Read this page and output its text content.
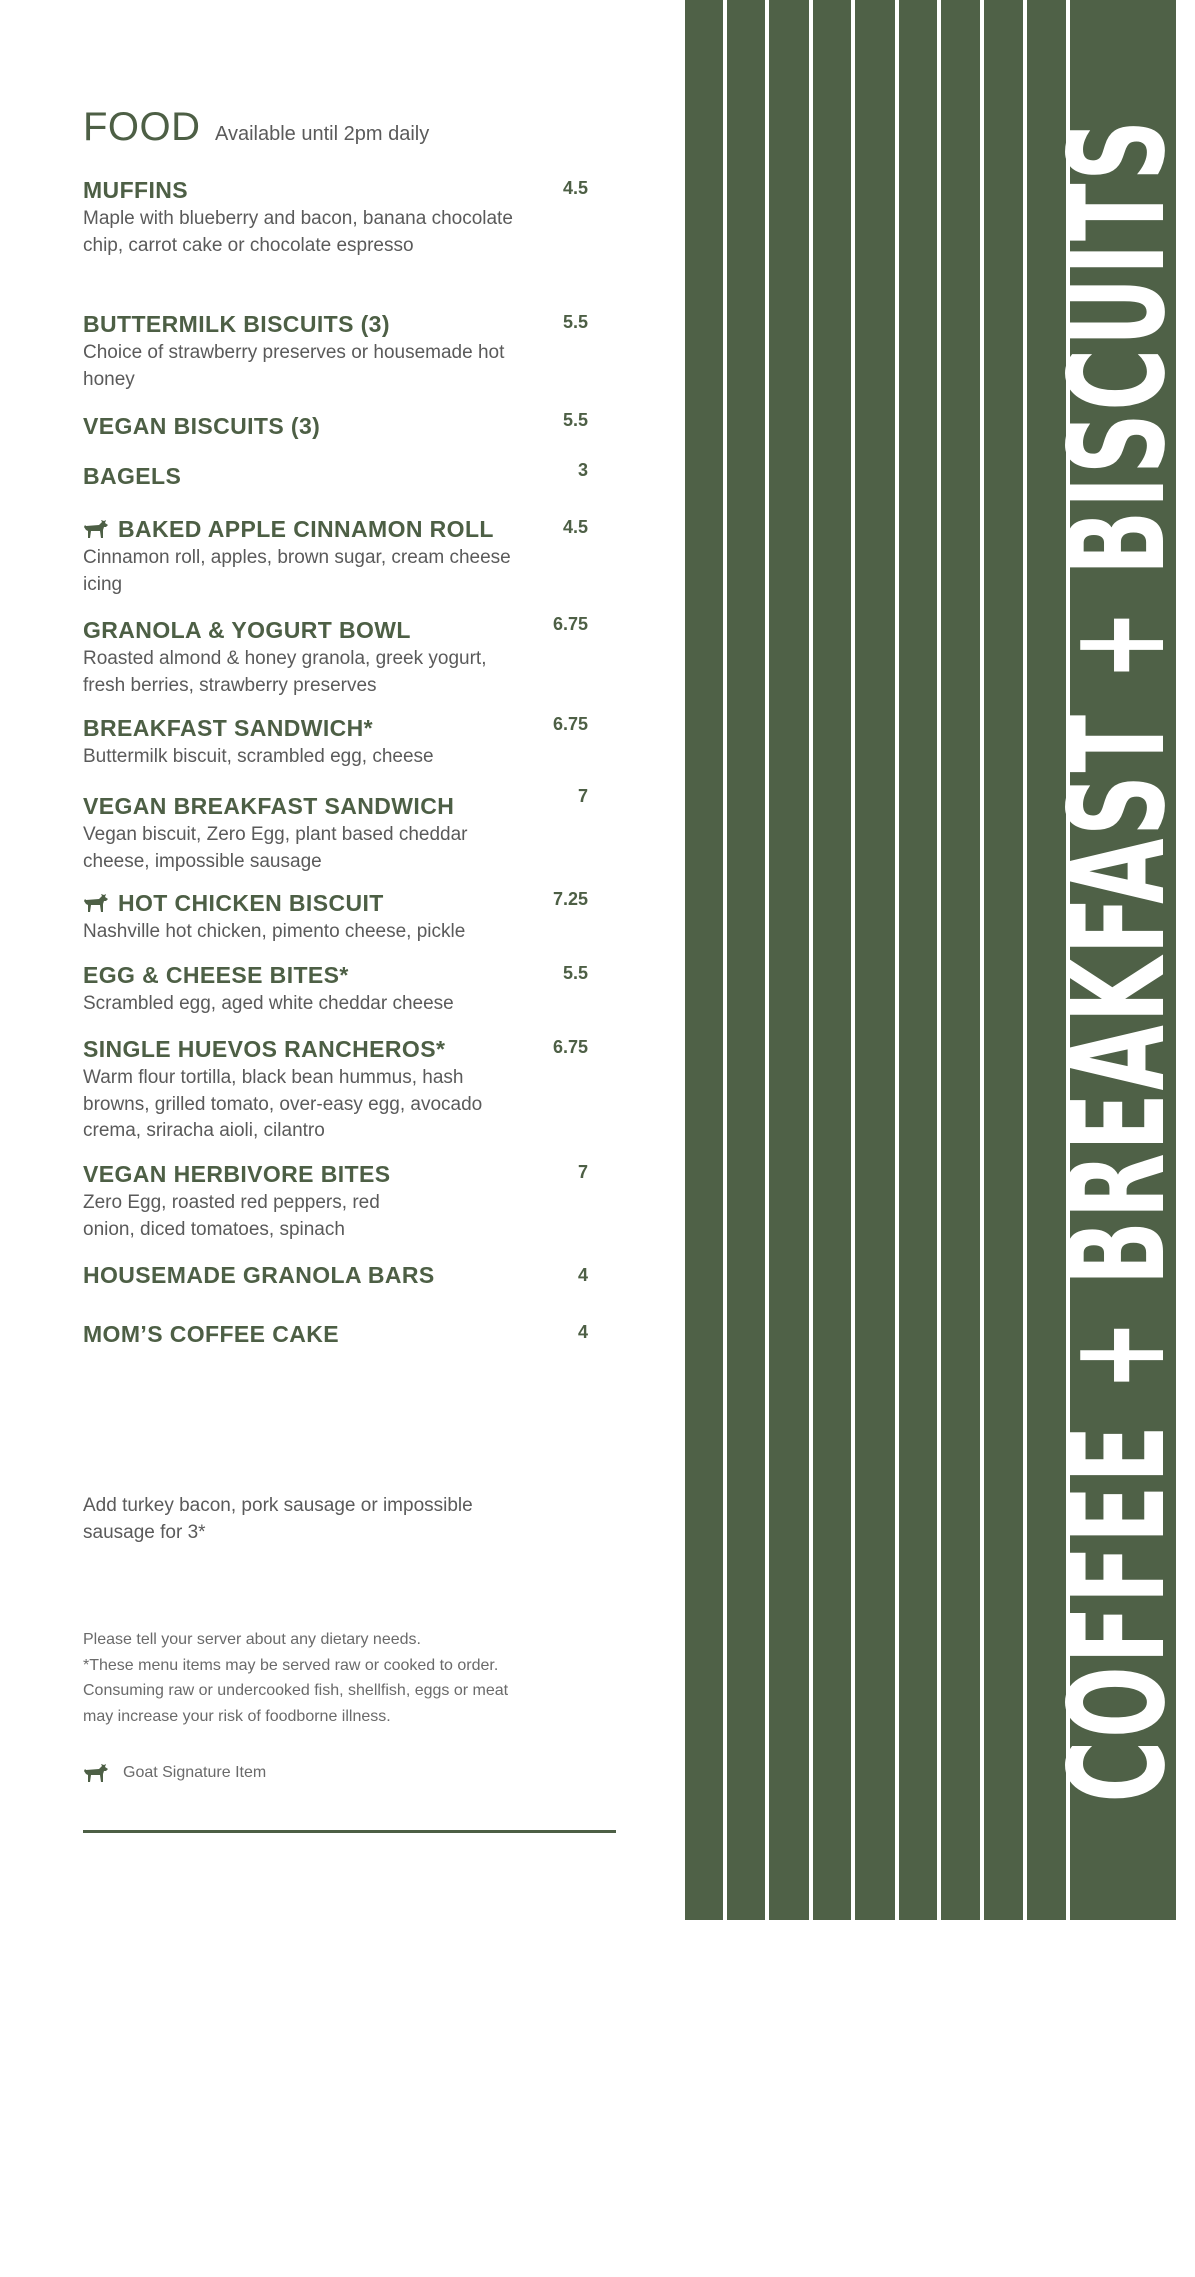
FOOD Available until 2pm daily
MUFFINS	4.5
Maple with blueberry and bacon, banana chocolate chip, carrot cake or chocolate espresso
BUTTERMILK BISCUITS (3)	5.5
Choice of strawberry preserves or housemade hot honey
VEGAN BISCUITS (3)	5.5
BAGELS	3
BAKED APPLE CINNAMON ROLL	4.5
Cinnamon roll, apples, brown sugar, cream cheese icing
GRANOLA & YOGURT BOWL	6.75
Roasted almond & honey granola, greek yogurt, fresh berries, strawberry preserves
BREAKFAST SANDWICH*	6.75
Buttermilk biscuit, scrambled egg, cheese
VEGAN BREAKFAST SANDWICH	7
Vegan biscuit, Zero Egg, plant based cheddar cheese, impossible sausage
HOT CHICKEN BISCUIT	7.25
Nashville hot chicken, pimento cheese, pickle
EGG & CHEESE BITES*	5.5
Scrambled egg, aged white cheddar cheese
SINGLE HUEVOS RANCHEROS*	6.75
Warm flour tortilla, black bean hummus, hash browns, grilled tomato, over-easy egg, avocado crema, sriracha aioli, cilantro
VEGAN HERBIVORE BITES	7
Zero Egg, roasted red peppers, red onion, diced tomatoes, spinach
HOUSEMADE GRANOLA BARS	4
MOM’S COFFEE CAKE	4
Add turkey bacon, pork sausage or impossible sausage for 3*
Please tell your server about any dietary needs.
*These menu items may be served raw or cooked to order.
Consuming raw or undercooked fish, shellfish, eggs or meat
may increase your risk of foodborne illness.
Goat Signature Item	COFFEE + BREAKFAST + BISCUITS
